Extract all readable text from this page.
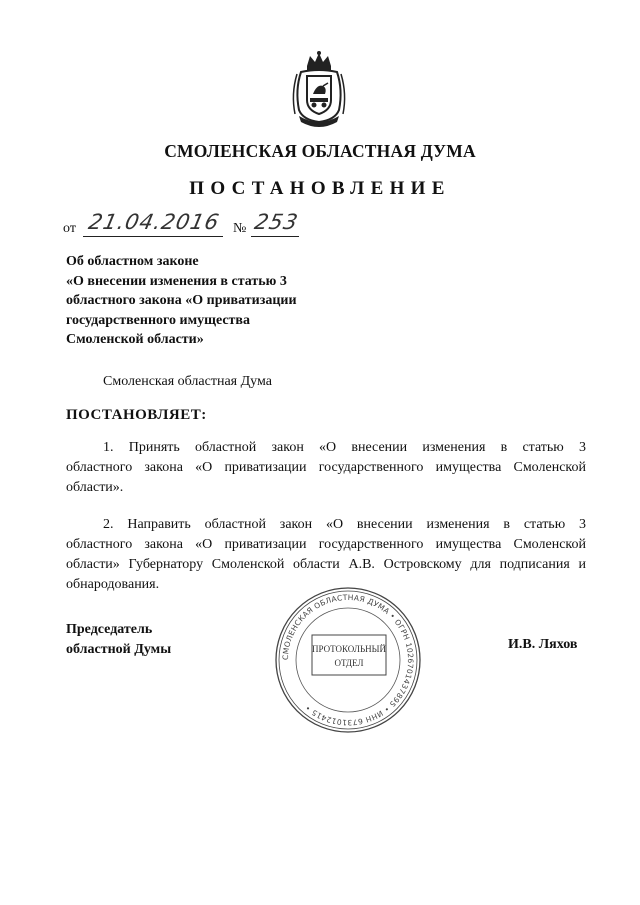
СМОЛЕНСКАЯ ОБЛАСТНАЯ ДУМА
ПОСТАНОВЛЕНИЕ
от 21.04.2016 № 253
Об областном законе
«О внесении изменения в статью 3
областного закона «О приватизации
государственного имущества
Смоленской области»
Смоленская областная Дума
ПОСТАНОВЛЯЕТ:
1. Принять областной закон «О внесении изменения в статью 3
областного закона «О приватизации государственного имущества Смоленской области».
2. Направить областной закон «О внесении изменения в статью 3
областного закона «О приватизации государственного имущества Смоленской области» Губернатору Смоленской области А.В. Островскому для подписания и обнародования.
Председатель
областной Думы	И.В. Ляхов
СМОЛЕНСКАЯ ОБЛАСТНАЯ ДУМА • ОГРН 1026701437895 • ИНН 6731012415 •
ПРОТОКОЛЬНЫЙ
ОТДЕЛ
